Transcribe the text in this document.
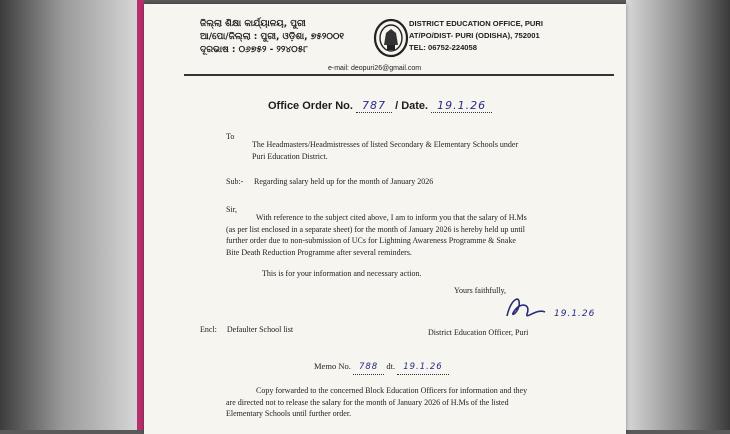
ଜିଲ୍ଲା ଶିକ୍ଷା କାର୍ଯ୍ୟାଳୟ, ପୁରୀ
ଆ/ପୋ/ଜିଲ୍ଲା : ପୁରୀ, ଓଡ଼ିଶା, ୭୫୨୦୦୧
ଦୂରଭାଷ : ୦୬୭୫୨ - ୨୨୪୦୫୮
DISTRICT EDUCATION OFFICE, PURI
AT/PO/DIST- PURI (ODISHA), 752001
TEL: 06752-224058
e-mail: deopuri26@gmail.com
Office Order No. 787 / Date. 19.1.26
To
The Headmasters/Headmistresses of listed Secondary & Elementary Schools under
Puri Education District.
Sub:- Regarding salary held up for the month of January 2026
Sir,
With reference to the subject cited above, I am to inform you that the salary of H.Ms
(as per list enclosed in a separate sheet) for the month of January 2026 is hereby held up until
further order due to non-submission of UCs for Lightning Awareness Programme & Snake
Bite Death Reduction Programme after several reminders.
This is for your information and necessary action.
Yours faithfully,
19.1.26
District Education Officer, Puri
Encl: Defaulter School list
Memo No. 788 dt. 19.1.26
Copy forwarded to the concerned Block Education Officers for information and they
are directed not to release the salary for the month of January 2026 of H.Ms of the listed
Elementary Schools until further order.
